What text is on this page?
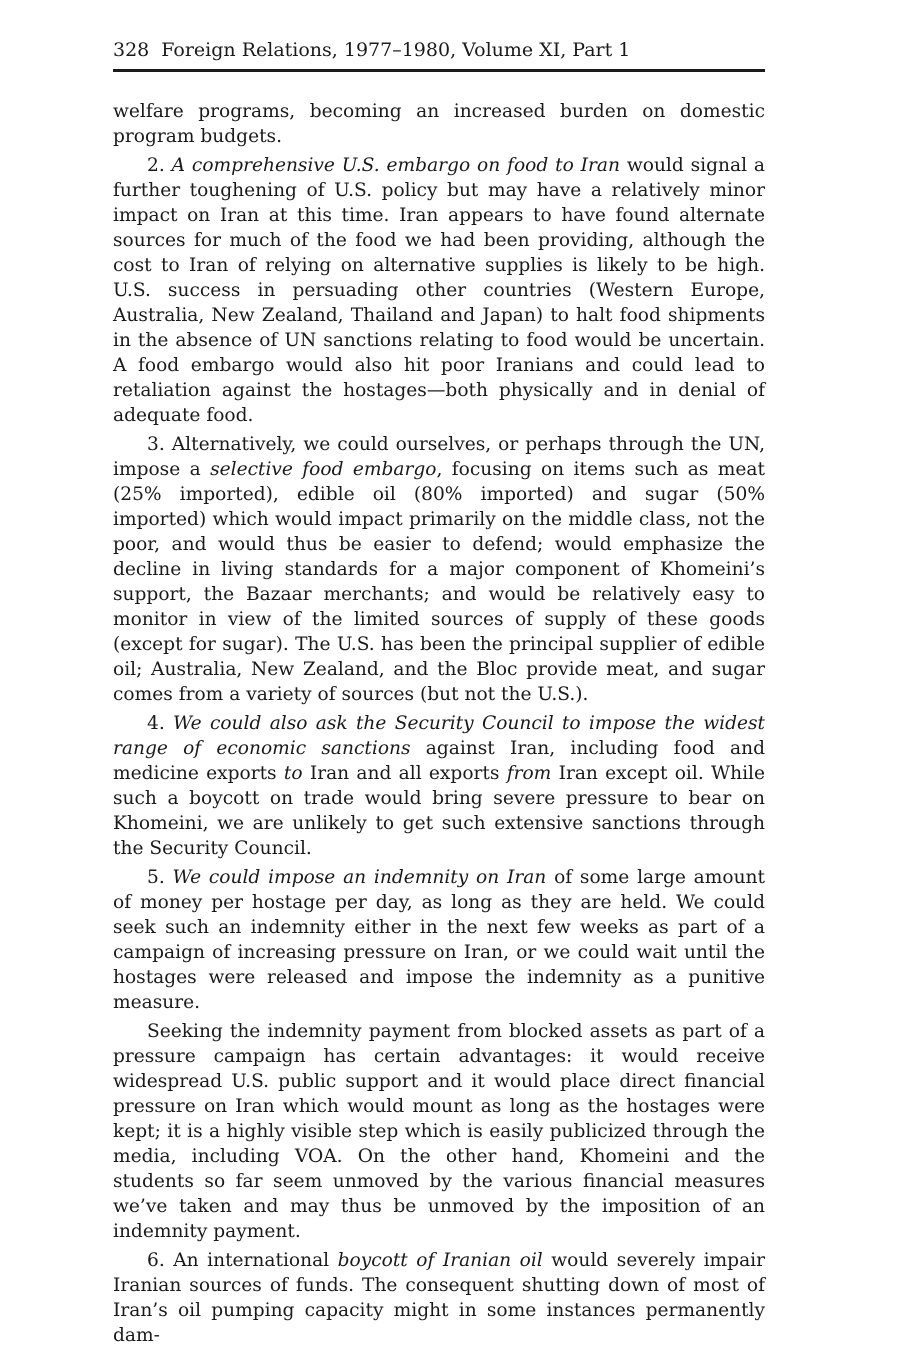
328 Foreign Relations, 1977–1980, Volume XI, Part 1

welfare programs, becoming an increased burden on domestic program budgets.

2. A comprehensive U.S. embargo on food to Iran would signal a further toughening of U.S. policy but may have a relatively minor impact on Iran at this time. Iran appears to have found alternate sources for much of the food we had been providing, although the cost to Iran of relying on alternative supplies is likely to be high. U.S. success in persuading other countries (Western Europe, Australia, New Zealand, Thailand and Japan) to halt food shipments in the absence of UN sanctions relating to food would be uncertain. A food embargo would also hit poor Iranians and could lead to retaliation against the hostages—both physically and in denial of adequate food.

3. Alternatively, we could ourselves, or perhaps through the UN, impose a selective food embargo, focusing on items such as meat (25% imported), edible oil (80% imported) and sugar (50% imported) which would impact primarily on the middle class, not the poor, and would thus be easier to defend; would emphasize the decline in living standards for a major component of Khomeini’s support, the Bazaar merchants; and would be relatively easy to monitor in view of the limited sources of supply of these goods (except for sugar). The U.S. has been the principal supplier of edible oil; Australia, New Zealand, and the Bloc provide meat, and sugar comes from a variety of sources (but not the U.S.).

4. We could also ask the Security Council to impose the widest range of economic sanctions against Iran, including food and medicine exports to Iran and all exports from Iran except oil. While such a boycott on trade would bring severe pressure to bear on Khomeini, we are unlikely to get such extensive sanctions through the Security Council.

5. We could impose an indemnity on Iran of some large amount of money per hostage per day, as long as they are held. We could seek such an indemnity either in the next few weeks as part of a campaign of increasing pressure on Iran, or we could wait until the hostages were released and impose the indemnity as a punitive measure.

Seeking the indemnity payment from blocked assets as part of a pressure campaign has certain advantages: it would receive widespread U.S. public support and it would place direct financial pressure on Iran which would mount as long as the hostages were kept; it is a highly visible step which is easily publicized through the media, including VOA. On the other hand, Khomeini and the students so far seem unmoved by the various financial measures we’ve taken and may thus be unmoved by the imposition of an indemnity payment.

6. An international boycott of Iranian oil would severely impair Iranian sources of funds. The consequent shutting down of most of Iran’s oil pumping capacity might in some instances permanently dam-
